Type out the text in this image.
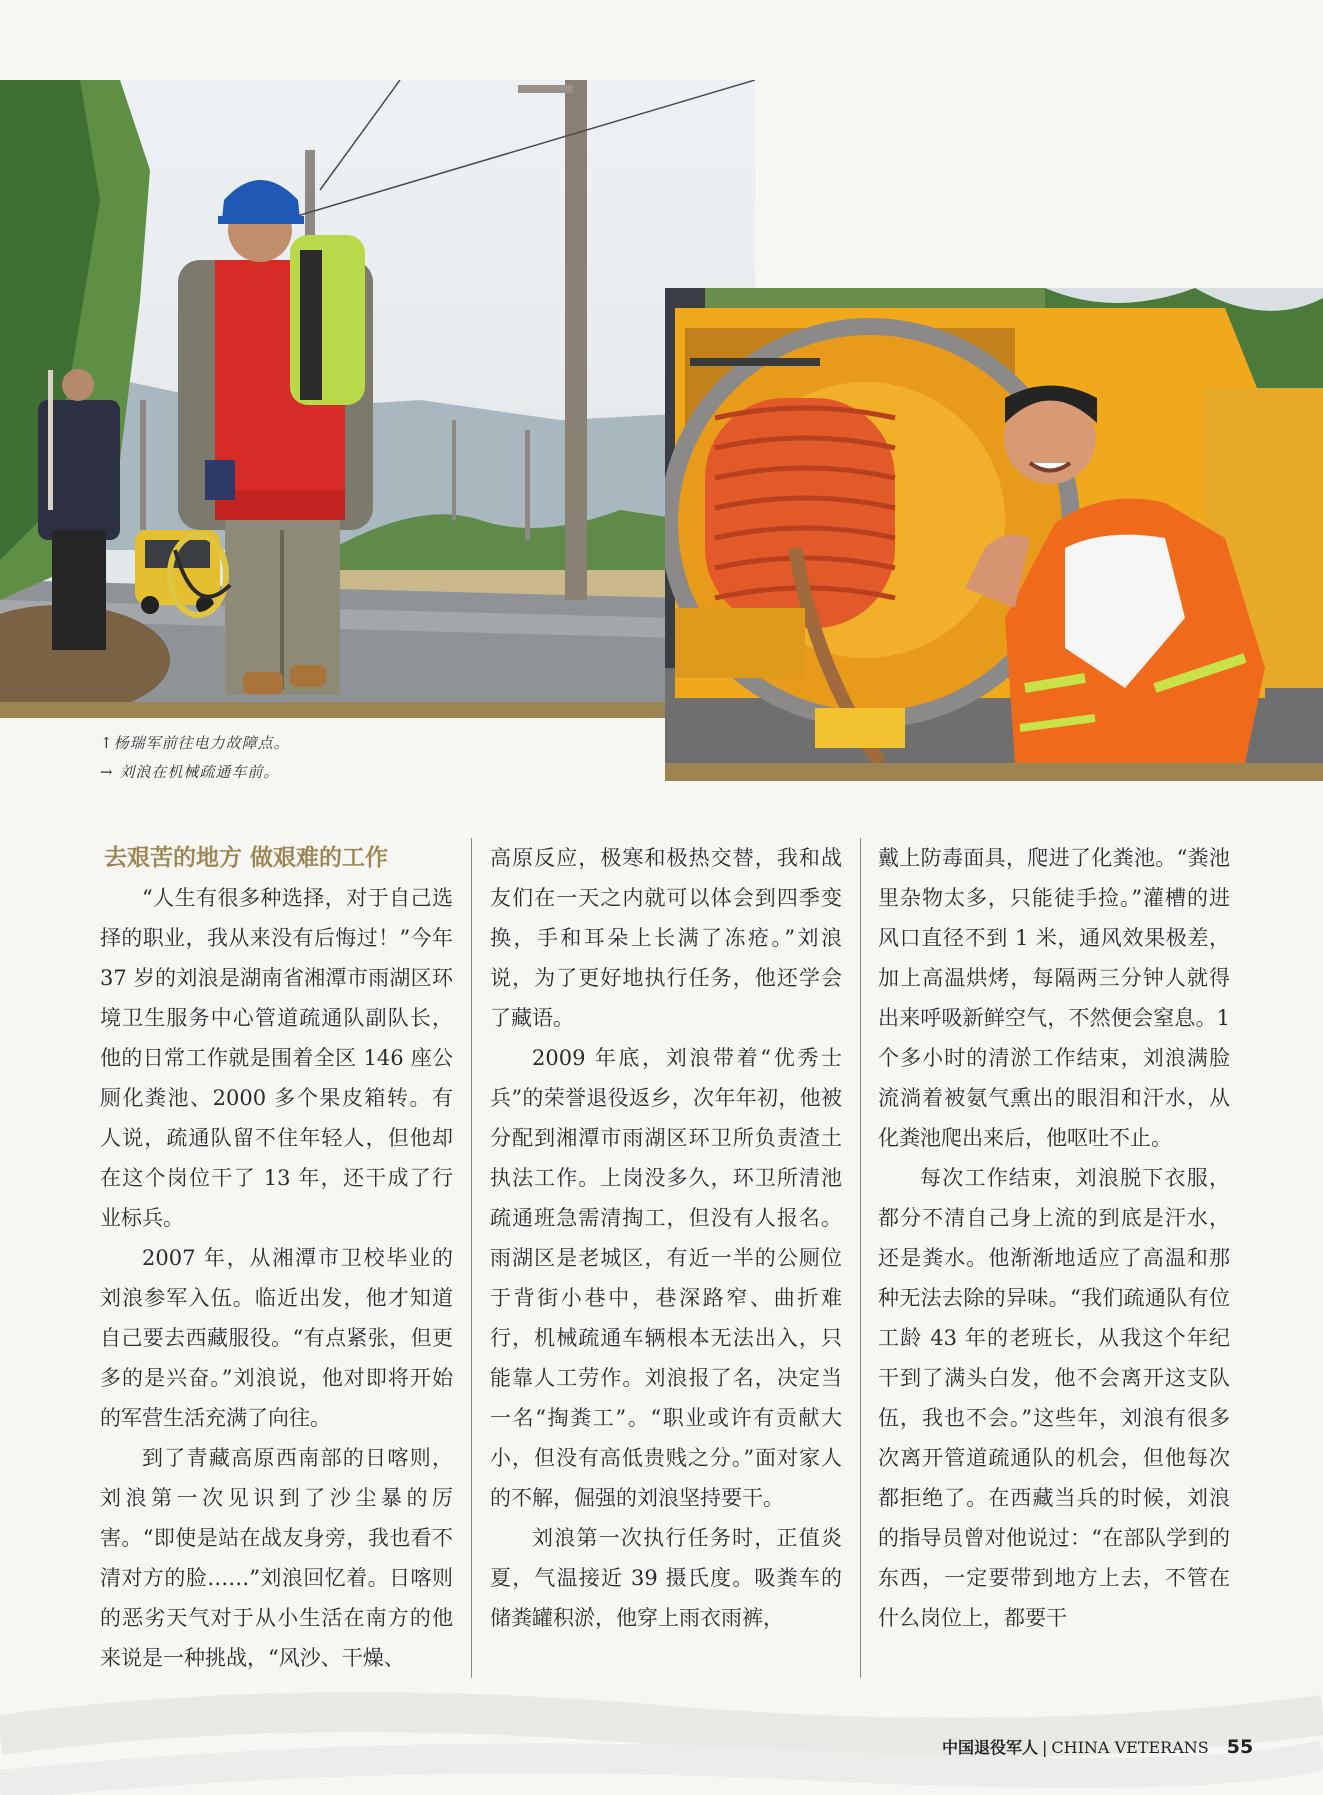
↑杨瑞军前往电力故障点。
→ 刘浪在机械疏通车前。
去艰苦的地方 做艰难的工作

“人生有很多种选择，对于自己选择的职业，我从来没有后悔过！”今年 37 岁的刘浪是湖南省湘潭市雨湖区环境卫生服务中心管道疏通队副队长，他的日常工作就是围着全区 146 座公厕化粪池、2000 多个果皮箱转。有人说，疏通队留不住年轻人，但他却在这个岗位干了 13 年，还干成了行业标兵。

2007 年，从湘潭市卫校毕业的刘浪参军入伍。临近出发，他才知道自己要去西藏服役。“有点紧张，但更多的是兴奋。”刘浪说，他对即将开始的军营生活充满了向往。

到了青藏高原西南部的日喀则，刘浪第一次见识到了沙尘暴的厉害。“即使是站在战友身旁，我也看不清对方的脸……”刘浪回忆着。日喀则的恶劣天气对于从小生活在南方的他来说是一种挑战，“风沙、干燥、

高原反应，极寒和极热交替，我和战友们在一天之内就可以体会到四季变换，手和耳朵上长满了冻疮。”刘浪说，为了更好地执行任务，他还学会了藏语。

2009 年底，刘浪带着“优秀士兵”的荣誉退役返乡，次年年初，他被分配到湘潭市雨湖区环卫所负责渣土执法工作。上岗没多久，环卫所清池疏通班急需清掏工，但没有人报名。雨湖区是老城区，有近一半的公厕位于背街小巷中，巷深路窄、曲折难行，机械疏通车辆根本无法出入，只能靠人工劳作。刘浪报了名，决定当一名“掏粪工”。“职业或许有贡献大小，但没有高低贵贱之分。”面对家人的不解，倔强的刘浪坚持要干。

刘浪第一次执行任务时，正值炎夏，气温接近 39 摄氏度。吸粪车的储粪罐积淤，他穿上雨衣雨裤，

戴上防毒面具，爬进了化粪池。“粪池里杂物太多，只能徒手捡。”灌槽的进风口直径不到 1 米，通风效果极差，加上高温烘烤，每隔两三分钟人就得出来呼吸新鲜空气，不然便会窒息。1 个多小时的清淤工作结束，刘浪满脸流淌着被氨气熏出的眼泪和汗水，从化粪池爬出来后，他呕吐不止。

每次工作结束，刘浪脱下衣服，都分不清自己身上流的到底是汗水，还是粪水。他渐渐地适应了高温和那种无法去除的异味。“我们疏通队有位工龄 43 年的老班长，从我这个年纪干到了满头白发，他不会离开这支队伍，我也不会。”这些年，刘浪有很多次离开管道疏通队的机会，但他每次都拒绝了。在西藏当兵的时候，刘浪的指导员曾对他说过：“在部队学到的东西，一定要带到地方上去，不管在什么岗位上，都要干

中国退役军人 | CHINA VETERANS 55
